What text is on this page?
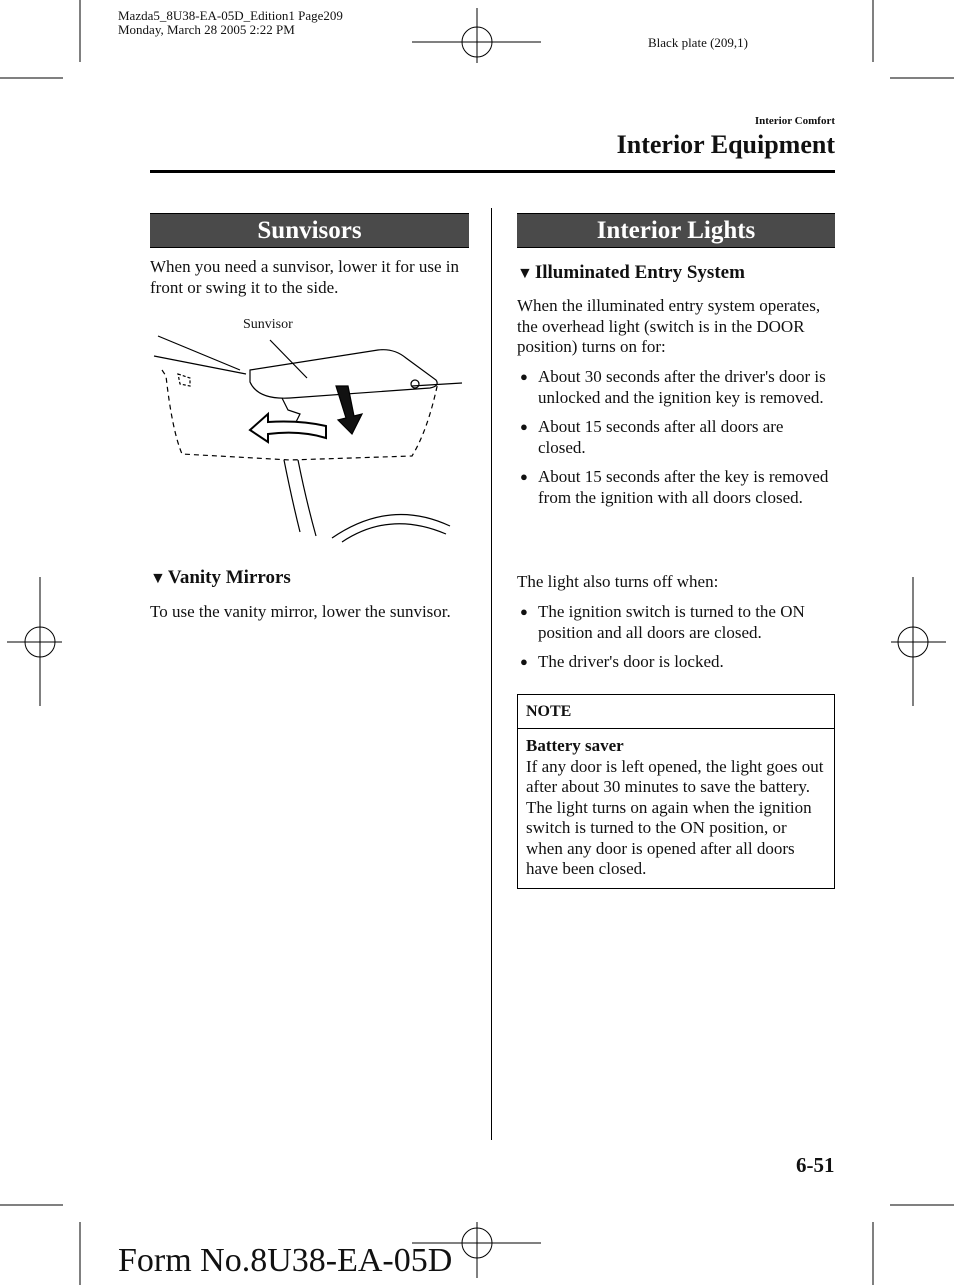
Mazda5_8U38-EA-05D_Edition1 Page209
Monday, March 28 2005 2:22 PM
Black plate (209,1)
Interior Comfort
Interior Equipment
Sunvisors
When you need a sunvisor, lower it for use in front or swing it to the side.
Sunvisor
▼ Vanity Mirrors
To use the vanity mirror, lower the sunvisor.
Interior Lights
▼ Illuminated Entry System
When the illuminated entry system operates, the overhead light (switch is in the DOOR position) turns on for:
● About 30 seconds after the driver's door is unlocked and the ignition key is removed.
● About 15 seconds after all doors are closed.
● About 15 seconds after the key is removed from the ignition with all doors closed.
The light also turns off when:
● The ignition switch is turned to the ON position and all doors are closed.
● The driver's door is locked.
NOTE
Battery saver
If any door is left opened, the light goes out after about 30 minutes to save the battery.
The light turns on again when the ignition switch is turned to the ON position, or when any door is opened after all doors have been closed.
6-51
Form No.8U38-EA-05D
